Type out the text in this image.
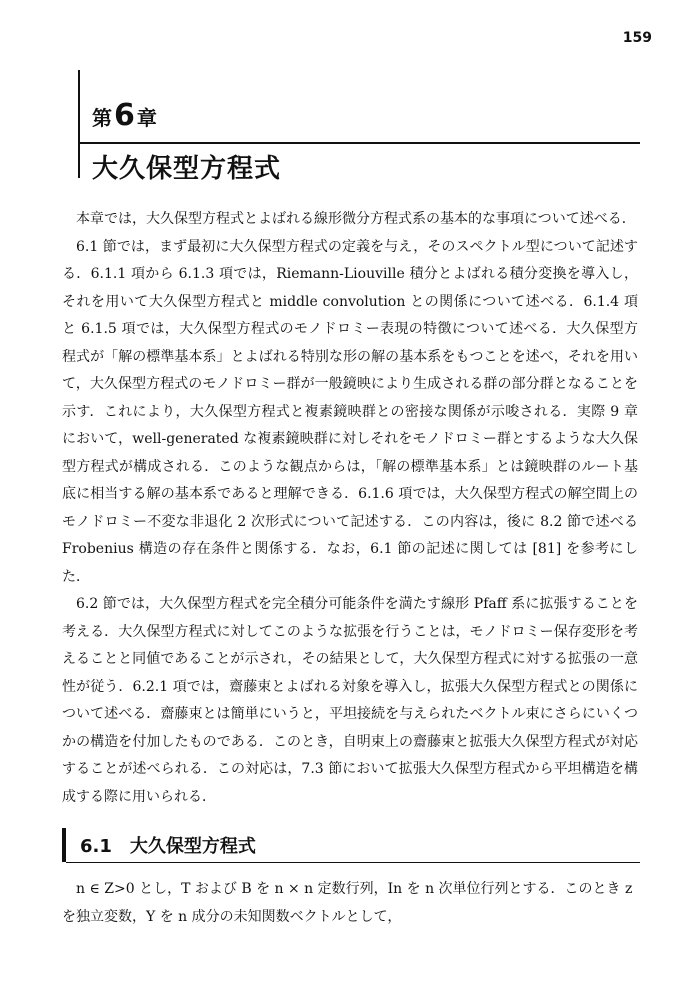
159
第6 章
大久保型方程式

本章では，大久保型方程式とよばれる線形微分方程式系の基本的な事項について述べる．

6.1 節では，まず最初に大久保型方程式の定義を与え，そのスペクトル型について記述する．6.1.1 項から 6.1.3 項では，Riemann-Liouville 積分とよばれる積分変換を導入し，それを用いて大久保型方程式と middle convolution との関係について述べる．6.1.4 項と 6.1.5 項では，大久保型方程式のモノドロミー表現の特徴について述べる．大久保型方程式が「解の標準基本系」とよばれる特別な形の解の基本系をもつことを述べ，それを用いて，大久保型方程式のモノドロミー群が一般鏡映により生成される群の部分群となることを示す．これにより，大久保型方程式と複素鏡映群との密接な関係が示唆される．実際 9 章において，well-generated な複素鏡映群に対しそれをモノドロミー群とするような大久保型方程式が構成される．このような観点からは，「解の標準基本系」とは鏡映群のルート基底に相当する解の基本系であると理解できる．6.1.6 項では，大久保型方程式の解空間上のモノドロミー不変な非退化 2 次形式について記述する．この内容は，後に 8.2 節で述べる Frobenius 構造の存在条件と関係する．なお，6.1 節の記述に関しては [81] を参考にした．

6.2 節では，大久保型方程式を完全積分可能条件を満たす線形 Pfaff 系に拡張することを考える．大久保型方程式に対してこのような拡張を行うことは，モノドロミー保存変形を考えることと同値であることが示され，その結果として，大久保型方程式に対する拡張の一意性が従う．6.2.1 項では，齋藤束とよばれる対象を導入し，拡張大久保型方程式との関係について述べる．齋藤束とは簡単にいうと，平坦接続を与えられたベクトル束にさらにいくつかの構造を付加したものである．このとき，自明束上の齋藤束と拡張大久保型方程式が対応することが述べられる．この対応は，7.3 節において拡張大久保型方程式から平坦構造を構成する際に用いられる．

6.1 大久保型方程式

n ∈ Z>0 とし，T および B を n × n 定数行列，In を n 次単位行列とする．このとき z を独立変数，Y を n 成分の未知関数ベクトルとして，
